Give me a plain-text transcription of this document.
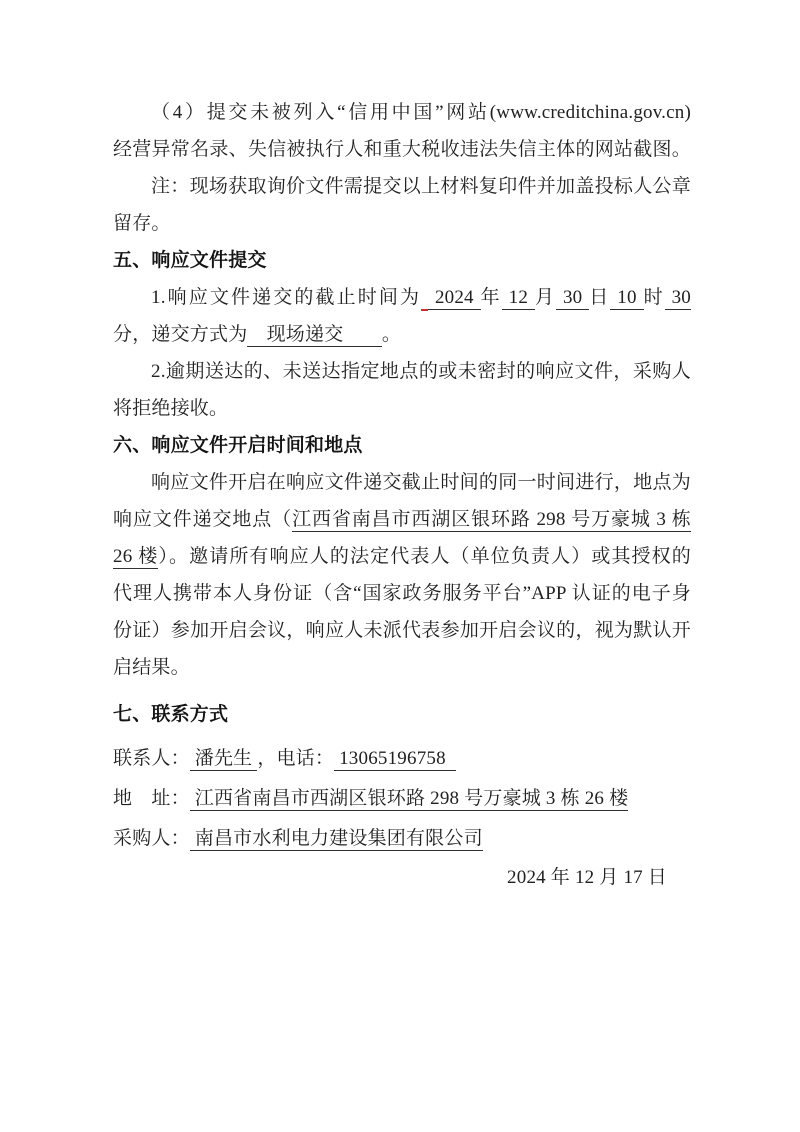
（4）提交未被列入“信用中国”网站(www.creditchina.gov.cn)
经营异常名录、失信被执行人和重大税收违法失信主体的网站截图。
注：现场获取询价文件需提交以上材料复印件并加盖投标人公章
留存。
五、响应文件提交
1.响应文件递交的截止时间为  2024 年 12 月 30 日 10 时 30
分，递交方式为　现场递交　　。
2.逾期送达的、未送达指定地点的或未密封的响应文件，采购人
将拒绝接收。
六、响应文件开启时间和地点
响应文件开启在响应文件递交截止时间的同一时间进行，地点为
响应文件递交地点（江西省南昌市西湖区银环路 298 号万豪城 3 栋
26 楼）。邀请所有响应人的法定代表人（单位负责人）或其授权的
代理人携带本人身份证（含“国家政务服务平台”APP 认证的电子身
份证）参加开启会议，响应人未派代表参加开启会议的，视为默认开
启结果。
七、联系方式
联系人： 潘先生 ，电话： 13065196758
地　址： 江西省南昌市西湖区银环路 298 号万豪城 3 栋 26 楼
采购人： 南昌市水利电力建设集团有限公司
2024 年 12 月 17 日
